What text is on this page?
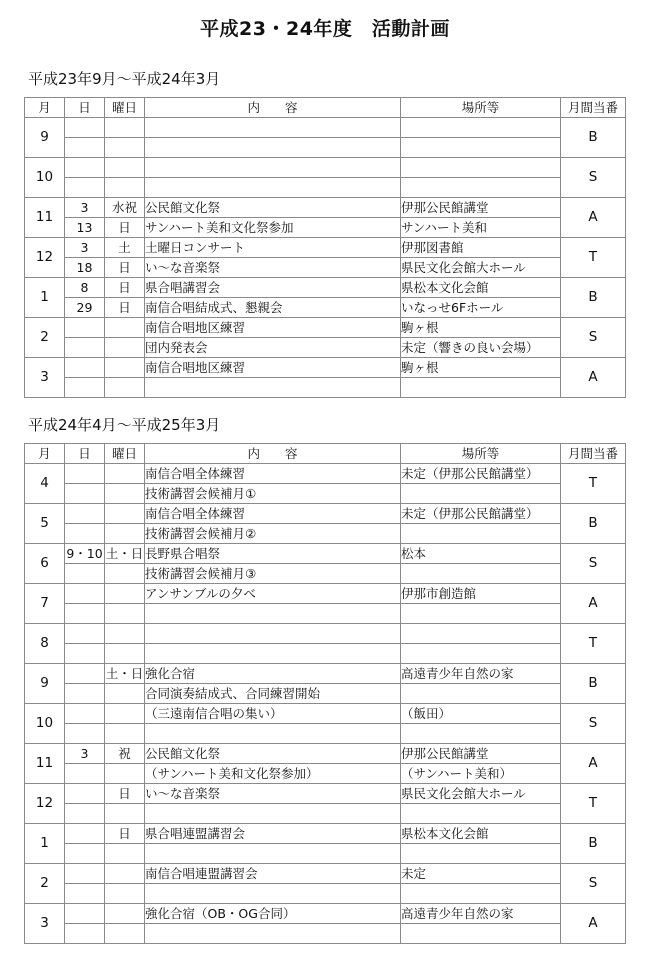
平成23・24年度　活動計画
平成23年9月～平成24年3月
月	日	曜日	内　　容	場所等	月間当番
9					B

10					S

11	3	水祝	公民館文化祭	伊那公民館講堂	A
	13	日	サンハート美和文化祭参加	サンハート美和	
12	3	土	土曜日コンサート	伊那図書館	T
	18	日	い～な音楽祭	県民文化会館大ホール	
1	8	日	県合唱講習会	県松本文化会館	B
	29	日	南信合唱結成式、懇親会	いなっせ6Fホール	
2			南信合唱地区練習	駒ヶ根	S
			団内発表会	未定（響きの良い会場）	
3			南信合唱地区練習	駒ヶ根	A

平成24年4月～平成25年3月
月	日	曜日	内　　容	場所等	月間当番
4			南信合唱全体練習	未定（伊那公民館講堂）	T
			技術講習会候補月①		
5			南信合唱全体練習	未定（伊那公民館講堂）	B
			技術講習会候補月②		
6	9・10	土・日	長野県合唱祭	松本	S
			技術講習会候補月③		
7			アンサンブルの夕べ	伊那市創造館	A

8					T

9		土・日	強化合宿	高遠青少年自然の家	B
			合同演奏結成式、合同練習開始		
10			（三遠南信合唱の集い）	（飯田）	S

11	3	祝	公民館文化祭	伊那公民館講堂	A
			（サンハート美和文化祭参加）	（サンハート美和）	
12		日	い～な音楽祭	県民文化会館大ホール	T

1		日	県合唱連盟講習会	県松本文化会館	B

2			南信合唱連盟講習会	未定	S

3			強化合宿（OB・OG合同）	高遠青少年自然の家	A
